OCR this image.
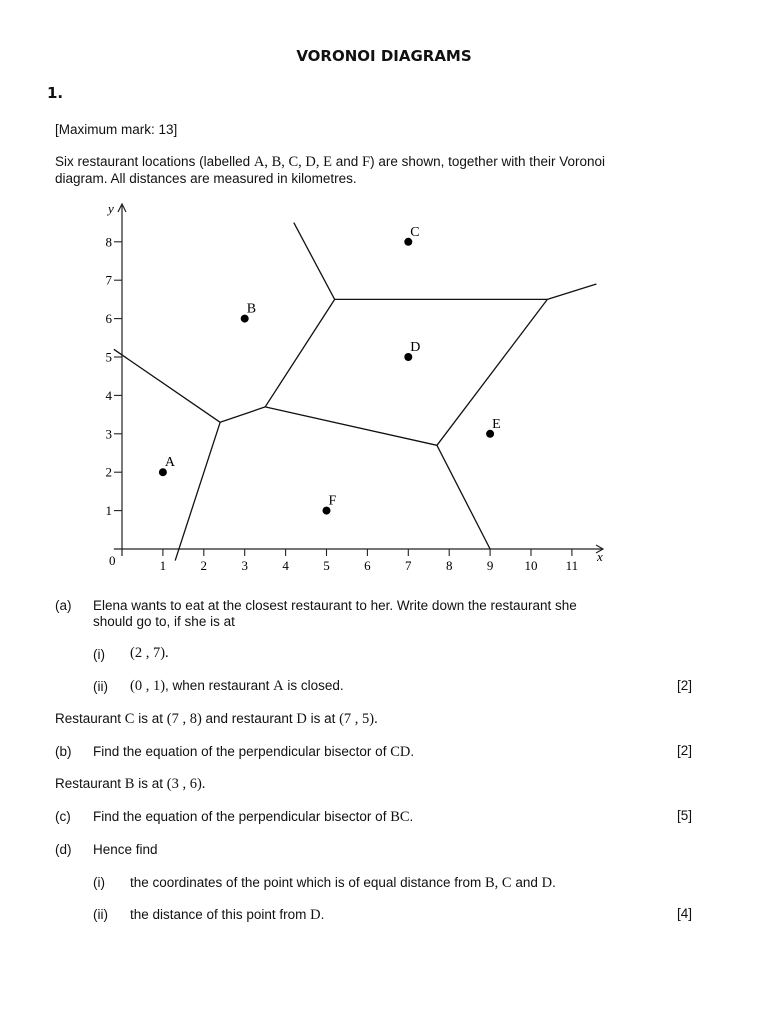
VORONOI DIAGRAMS
1.
[Maximum mark: 13]
Six restaurant locations (labelled A, B, C, D, E and F) are shown, together with their Voronoi
diagram. All distances are measured in kilometres.
x
y
0	1	2	3	4	5	6	7	8	9 10 11
1
2
3
4
5
6
7
8
A
B
C
D
E
F
(a) Elena wants to eat at the closest restaurant to her. Write down the restaurant she
should go to, if she is at
(i) (2 , 7).
(ii) (0 , 1), when restaurant A is closed.	[2]
Restaurant C is at (7 , 8) and restaurant D is at (7 , 5).
(b) Find the equation of the perpendicular bisector of CD.	[2]
Restaurant B is at (3 , 6).
(c) Find the equation of the perpendicular bisector of BC.	[5]
(d) Hence find
(i) the coordinates of the point which is of equal distance from B, C and D.
(ii) the distance of this point from D.	[4]
